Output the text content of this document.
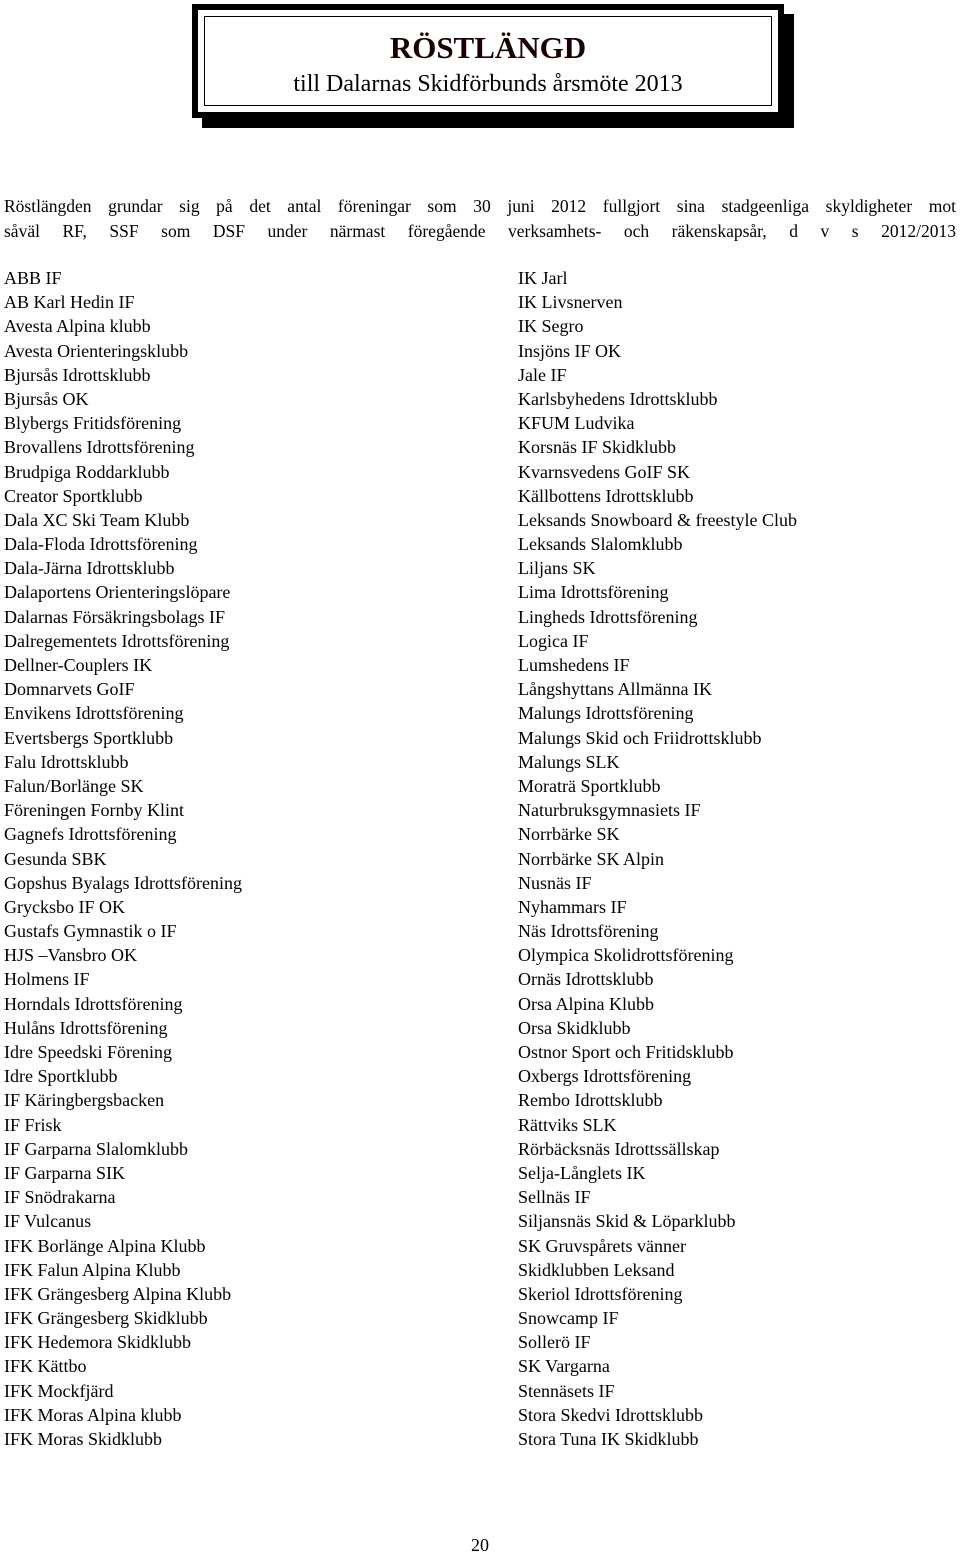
RÖSTLÄNGD
till Dalarnas Skidförbunds årsmöte 2013

Röstlängden grundar sig på det antal föreningar som 30 juni 2012 fullgjort sina stadgeenliga skyldigheter mot

såväl RF, SSF som DSF under närmast föregående verksamhets- och räkenskapsår, d v s 2012/2013

ABB IF
AB Karl Hedin IF
Avesta Alpina klubb
Avesta Orienteringsklubb
Bjursås Idrottsklubb
Bjursås OK
Blybergs Fritidsförening
Brovallens Idrottsförening
Brudpiga Roddarklubb
Creator Sportklubb
Dala XC Ski Team Klubb
Dala-Floda Idrottsförening
Dala-Järna Idrottsklubb
Dalaportens Orienteringslöpare
Dalarnas Försäkringsbolags IF
Dalregementets Idrottsförening
Dellner-Couplers IK
Domnarvets GoIF
Envikens Idrottsförening
Evertsbergs Sportklubb
Falu Idrottsklubb
Falun/Borlänge SK
Föreningen Fornby Klint
Gagnefs Idrottsförening
Gesunda SBK
Gopshus Byalags Idrottsförening
Grycksbo IF OK
Gustafs Gymnastik o IF
HJS –Vansbro OK
Holmens IF
Horndals Idrottsförening
Hulåns Idrottsförening
Idre Speedski Förening
Idre Sportklubb
IF Käringbergsbacken
IF Frisk
IF Garparna Slalomklubb
IF Garparna SIK
IF Snödrakarna
IF Vulcanus
IFK Borlänge Alpina Klubb
IFK Falun Alpina Klubb
IFK Grängesberg Alpina Klubb
IFK Grängesberg Skidklubb
IFK Hedemora Skidklubb
IFK Kättbo
IFK Mockfjärd
IFK Moras Alpina klubb
IFK Moras Skidklubb
IK Jarl
IK Livsnerven
IK Segro
Insjöns IF OK
Jale IF
Karlsbyhedens Idrottsklubb
KFUM Ludvika
Korsnäs IF Skidklubb
Kvarnsvedens GoIF SK
Källbottens Idrottsklubb
Leksands Snowboard & freestyle Club
Leksands Slalomklubb
Liljans SK
Lima Idrottsförening
Lingheds Idrottsförening
Logica IF
Lumshedens IF
Långshyttans Allmänna IK
Malungs Idrottsförening
Malungs Skid och Friidrottsklubb
Malungs SLK
Moraträ Sportklubb
Naturbruksgymnasiets IF
Norrbärke SK
Norrbärke SK Alpin
Nusnäs IF
Nyhammars IF
Näs Idrottsförening
Olympica Skolidrottsförening
Ornäs Idrottsklubb
Orsa Alpina Klubb
Orsa Skidklubb
Ostnor Sport och Fritidsklubb
Oxbergs Idrottsförening
Rembo Idrottsklubb
Rättviks SLK
Rörbäcksnäs Idrottssällskap
Selja-Långlets IK
Sellnäs IF
Siljansnäs Skid & Löparklubb
SK Gruvspårets vänner
Skidklubben Leksand
Skeriol Idrottsförening
Snowcamp IF
Sollerö IF
SK Vargarna
Stennäsets IF
Stora Skedvi Idrottsklubb
Stora Tuna IK Skidklubb
20
